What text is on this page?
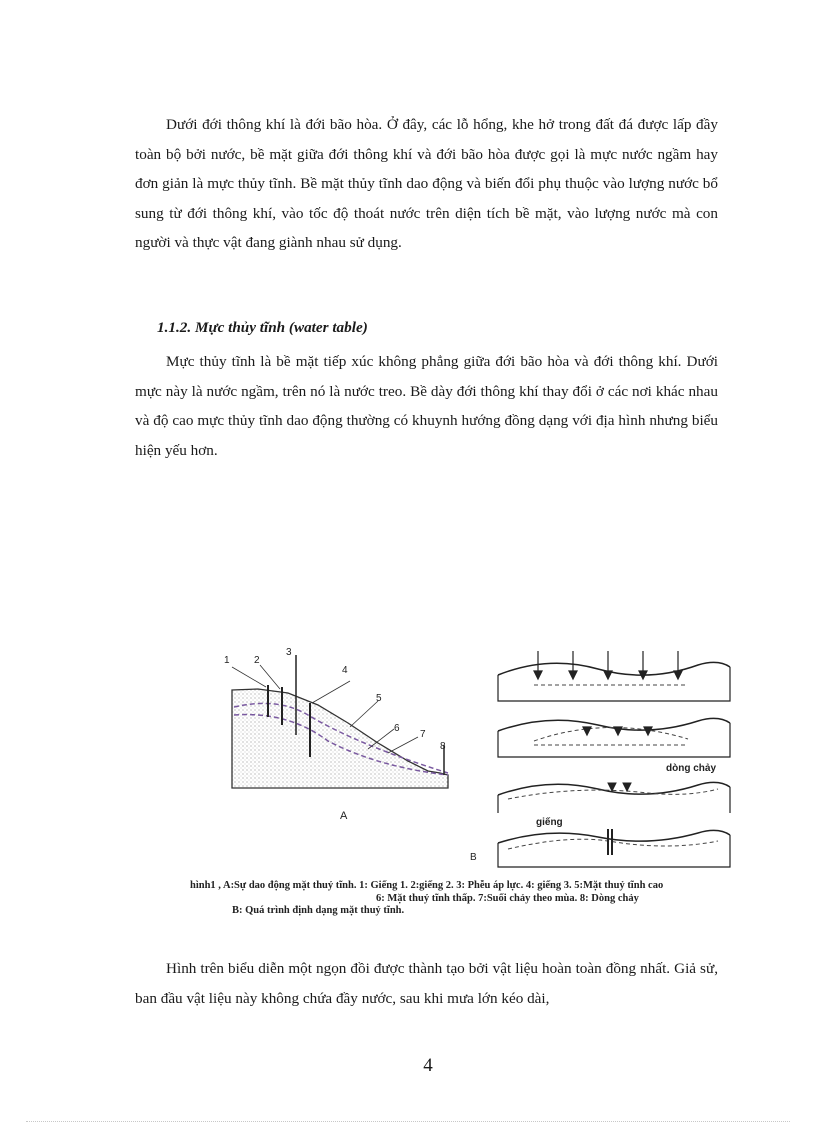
Dưới đới thông khí là đới bão hòa. Ở đây, các lỗ hổng, khe hở trong đất đá được lấp đầy toàn bộ bởi nước, bề mặt giữa đới thông khí và đới bão hòa được gọi là mực nước ngầm hay đơn giản là mực thủy tĩnh. Bề mặt thủy tĩnh dao động và biến đổi phụ thuộc vào lượng nước bổ sung từ đới thông khí, vào tốc độ thoát nước trên diện tích bề mặt, vào lượng nước mà con người và thực vật đang giành nhau sử dụng.

1.1.2. Mực thủy tĩnh (water table)

Mực thủy tĩnh là bề mặt tiếp xúc không phẳng giữa đới bão hòa và đới thông khí. Dưới mực này là nước ngầm, trên nó là nước treo. Bề dày đới thông khí thay đổi ở các nơi khác nhau và độ cao mực thủy tĩnh dao động thường có khuynh hướng đồng dạng với địa hình nhưng biểu hiện yếu hơn.

1 2
3
4
5
6
7
8
A
dòng chảy
giếng
B

hình1 , A:Sự dao động mặt thuỷ tĩnh. 1: Giếng 1. 2:giếng 2. 3: Phễu áp lực. 4: giếng 3. 5:Mặt thuỷ tĩnh cao

6: Mặt thuỷ tĩnh thấp. 7:Suối chảy theo mùa. 8: Dòng chảy

B: Quá trình định dạng mặt thuỷ tĩnh.

Hình trên biểu diễn một ngọn đồi được thành tạo bởi vật liệu hoàn toàn đồng nhất. Giả sử, ban đầu vật liệu này không chứa đầy nước, sau khi mưa lớn kéo dài,

4
